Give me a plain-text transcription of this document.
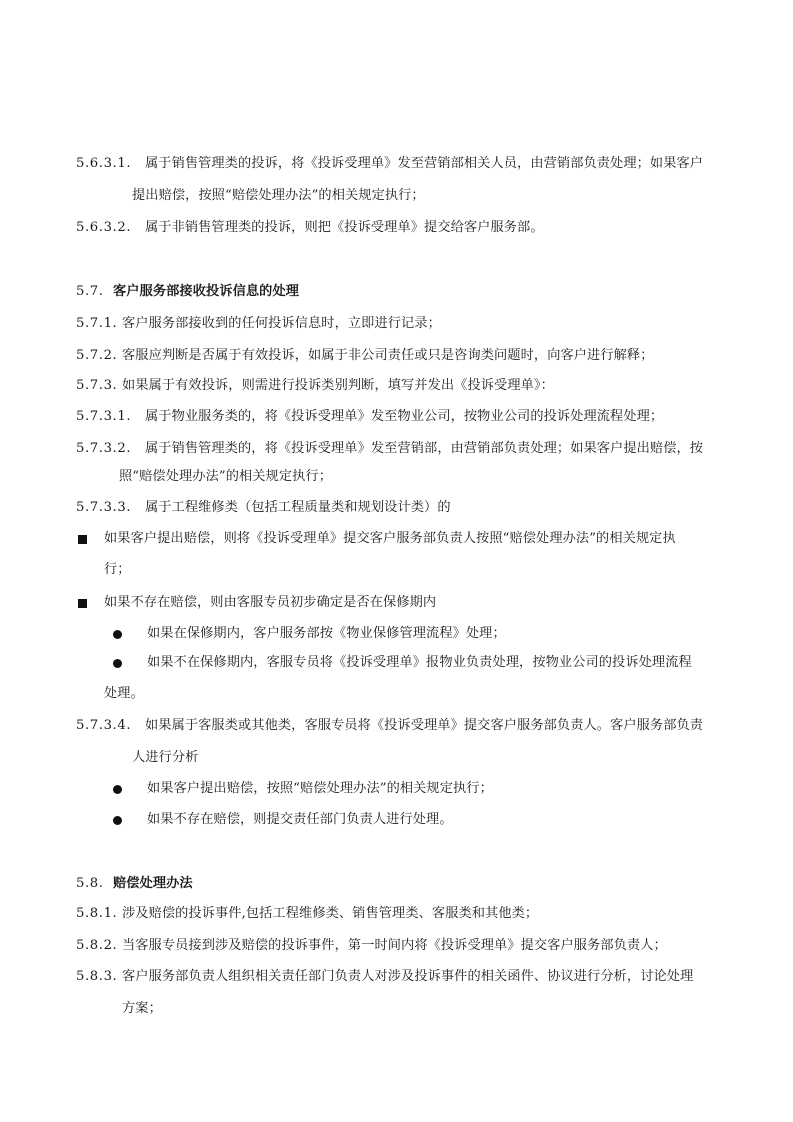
5.6.3.1. 属于销售管理类的投诉，将《投诉受理单》发至营销部相关人员，由营销部负责处理；如果客户
提出赔偿，按照“赔偿处理办法”的相关规定执行；
5.6.3.2. 属于非销售管理类的投诉，则把《投诉受理单》提交给客户服务部。
5.7. 客户服务部接收投诉信息的处理
5.7.1. 客户服务部接收到的任何投诉信息时，立即进行记录；
5.7.2. 客服应判断是否属于有效投诉，如属于非公司责任或只是咨询类问题时，向客户进行解释；
5.7.3. 如果属于有效投诉，则需进行投诉类别判断，填写并发出《投诉受理单》：
5.7.3.1. 属于物业服务类的，将《投诉受理单》发至物业公司，按物业公司的投诉处理流程处理；
5.7.3.2. 属于销售管理类的，将《投诉受理单》发至营销部，由营销部负责处理；如果客户提出赔偿，按
照“赔偿处理办法”的相关规定执行；
5.7.3.3. 属于工程维修类（包括工程质量类和规划设计类）的
如果客户提出赔偿，则将《投诉受理单》提交客户服务部负责人按照“赔偿处理办法”的相关规定执
行；
如果不存在赔偿，则由客服专员初步确定是否在保修期内
如果在保修期内，客户服务部按《物业保修管理流程》处理；
如果不在保修期内，客服专员将《投诉受理单》报物业负责处理，按物业公司的投诉处理流程
处理。
5.7.3.4. 如果属于客服类或其他类，客服专员将《投诉受理单》提交客户服务部负责人。客户服务部负责
人进行分析
如果客户提出赔偿，按照“赔偿处理办法”的相关规定执行；
如果不存在赔偿，则提交责任部门负责人进行处理。
5.8. 赔偿处理办法
5.8.1. 涉及赔偿的投诉事件,包括工程维修类、销售管理类、客服类和其他类；
5.8.2. 当客服专员接到涉及赔偿的投诉事件，第一时间内将《投诉受理单》提交客户服务部负责人；
5.8.3. 客户服务部负责人组织相关责任部门负责人对涉及投诉事件的相关函件、协议进行分析，讨论处理
方案；
